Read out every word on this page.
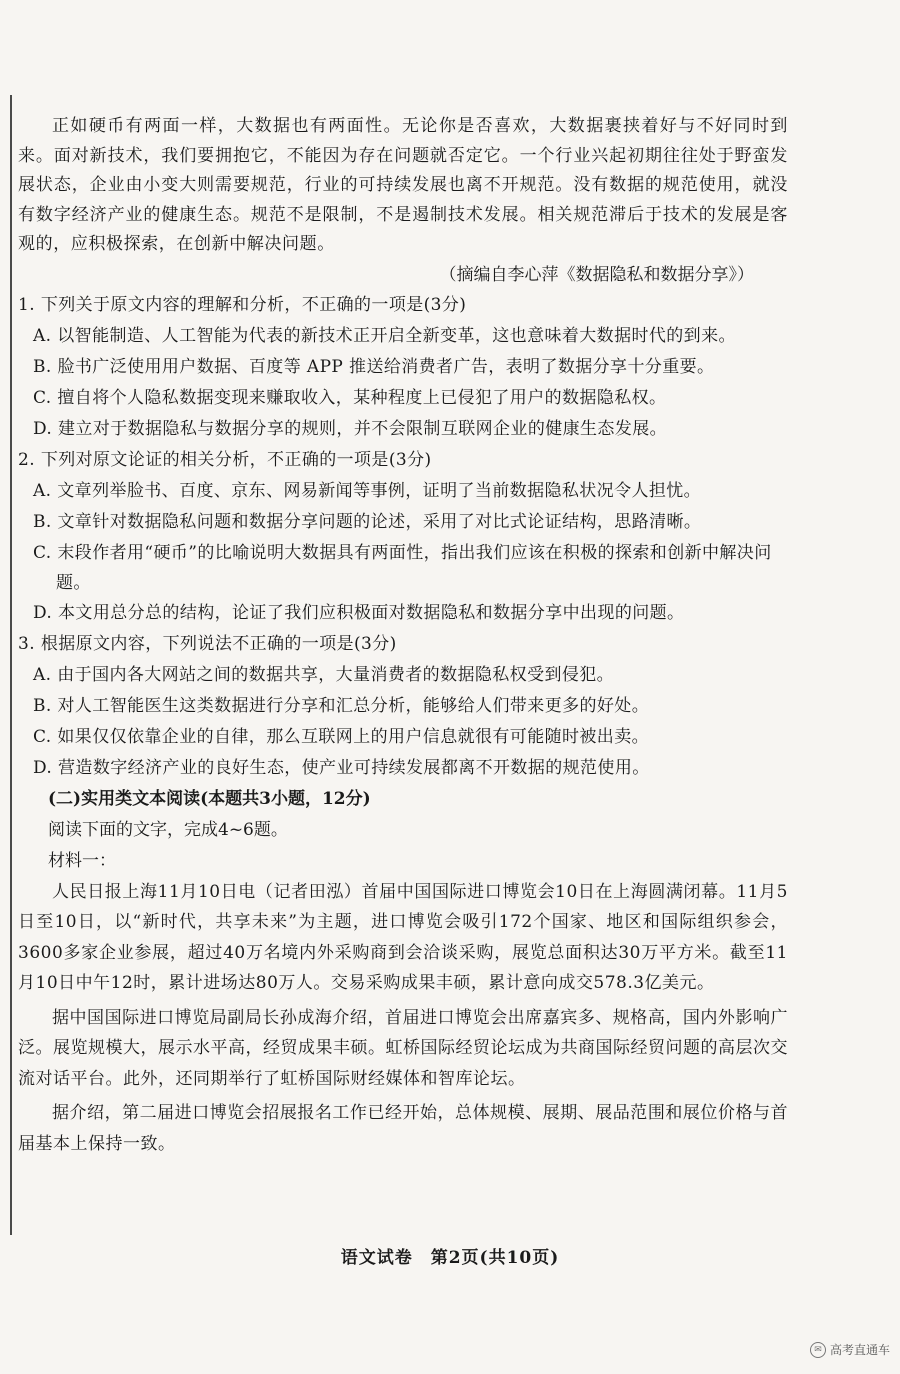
正如硬币有两面一样，大数据也有两面性。无论你是否喜欢，大数据裹挟着好与不好同时到来。面对新技术，我们要拥抱它，不能因为存在问题就否定它。一个行业兴起初期往往处于野蛮发展状态，企业由小变大则需要规范，行业的可持续发展也离不开规范。没有数据的规范使用，就没有数字经济产业的健康生态。规范不是限制，不是遏制技术发展。相关规范滞后于技术的发展是客观的，应积极探索，在创新中解决问题。

（摘编自李心萍《数据隐私和数据分享》）

1. 下列关于原文内容的理解和分析，不正确的一项是(3分)

A. 以智能制造、人工智能为代表的新技术正开启全新变革，这也意味着大数据时代的到来。

B. 脸书广泛使用用户数据、百度等 APP 推送给消费者广告，表明了数据分享十分重要。

C. 擅自将个人隐私数据变现来赚取收入，某种程度上已侵犯了用户的数据隐私权。

D. 建立对于数据隐私与数据分享的规则，并不会限制互联网企业的健康生态发展。

2. 下列对原文论证的相关分析，不正确的一项是(3分)

A. 文章列举脸书、百度、京东、网易新闻等事例，证明了当前数据隐私状况令人担忧。

B. 文章针对数据隐私问题和数据分享问题的论述，采用了对比式论证结构，思路清晰。

C. 末段作者用“硬币”的比喻说明大数据具有两面性，指出我们应该在积极的探索和创新中解决问题。

D. 本文用总分总的结构，论证了我们应积极面对数据隐私和数据分享中出现的问题。

3. 根据原文内容，下列说法不正确的一项是(3分)

A. 由于国内各大网站之间的数据共享，大量消费者的数据隐私权受到侵犯。

B. 对人工智能医生这类数据进行分享和汇总分析，能够给人们带来更多的好处。

C. 如果仅仅依靠企业的自律，那么互联网上的用户信息就很有可能随时被出卖。

D. 营造数字经济产业的良好生态，使产业可持续发展都离不开数据的规范使用。

(二)实用类文本阅读(本题共3小题，12分)

阅读下面的文字，完成4~6题。

材料一：

人民日报上海11月10日电（记者田泓）首届中国国际进口博览会10日在上海圆满闭幕。11月5日至10日，以“新时代，共享未来”为主题，进口博览会吸引172个国家、地区和国际组织参会，3600多家企业参展，超过40万名境内外采购商到会洽谈采购，展览总面积达30万平方米。截至11月10日中午12时，累计进场达80万人。交易采购成果丰硕，累计意向成交578.3亿美元。

据中国国际进口博览局副局长孙成海介绍，首届进口博览会出席嘉宾多、规格高，国内外影响广泛。展览规模大，展示水平高，经贸成果丰硕。虹桥国际经贸论坛成为共商国际经贸问题的高层次交流对话平台。此外，还同期举行了虹桥国际财经媒体和智库论坛。

据介绍，第二届进口博览会招展报名工作已经开始，总体规模、展期、展品范围和展位价格与首届基本上保持一致。

语文试卷　第2页(共10页)
✉ 高考直通车
